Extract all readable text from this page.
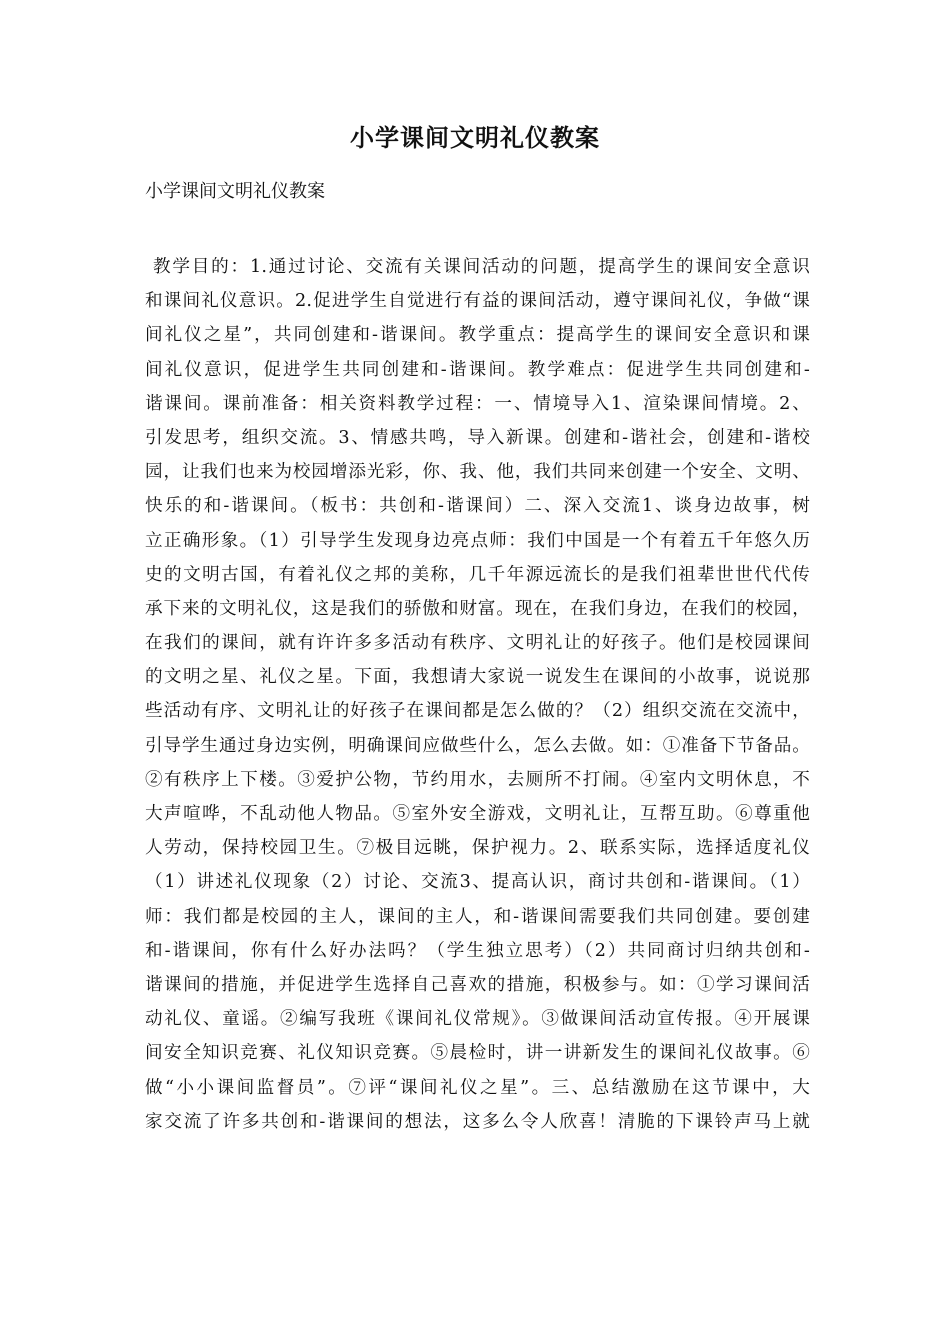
小学课间文明礼仪教案

小学课间文明礼仪教案

教学目的：1.通过讨论、交流有关课间活动的问题，提高学生的课间安全意识
和课间礼仪意识。2.促进学生自觉进行有益的课间活动，遵守课间礼仪，争做“课
间礼仪之星”，共同创建和-谐课间。教学重点：提高学生的课间安全意识和课
间礼仪意识，促进学生共同创建和-谐课间。教学难点：促进学生共同创建和-
谐课间。课前准备：相关资料教学过程：一、情境导入1、渲染课间情境。2、
引发思考，组织交流。3、情感共鸣，导入新课。创建和-谐社会，创建和-谐校
园，让我们也来为校园增添光彩，你、我、他，我们共同来创建一个安全、文明、
快乐的和-谐课间。（板书：共创和-谐课间）二、深入交流1、谈身边故事，树
立正确形象。（1）引导学生发现身边亮点师：我们中国是一个有着五千年悠久历
史的文明古国，有着礼仪之邦的美称，几千年源远流长的是我们祖辈世世代代传
承下来的文明礼仪，这是我们的骄傲和财富。现在，在我们身边，在我们的校园，
在我们的课间，就有许许多多活动有秩序、文明礼让的好孩子。他们是校园课间
的文明之星、礼仪之星。下面，我想请大家说一说发生在课间的小故事，说说那
些活动有序、文明礼让的好孩子在课间都是怎么做的？（2）组织交流在交流中，
引导学生通过身边实例，明确课间应做些什么，怎么去做。如：①准备下节备品。
②有秩序上下楼。③爱护公物，节约用水，去厕所不打闹。④室内文明休息，不
大声喧哗，不乱动他人物品。⑤室外安全游戏，文明礼让，互帮互助。⑥尊重他
人劳动，保持校园卫生。⑦极目远眺，保护视力。2、联系实际，选择适度礼仪
（1）讲述礼仪现象（2）讨论、交流3、提高认识，商讨共创和-谐课间。（1）
师：我们都是校园的主人，课间的主人，和-谐课间需要我们共同创建。要创建
和-谐课间，你有什么好办法吗？（学生独立思考）（2）共同商讨归纳共创和-
谐课间的措施，并促进学生选择自己喜欢的措施，积极参与。如：①学习课间活
动礼仪、童谣。②编写我班《课间礼仪常规》。③做课间活动宣传报。④开展课
间安全知识竞赛、礼仪知识竞赛。⑤晨检时，讲一讲新发生的课间礼仪故事。⑥
做“小小课间监督员”。⑦评“课间礼仪之星”。三、总结激励在这节课中，大
家交流了许多共创和-谐课间的想法，这多么令人欣喜！清脆的下课铃声马上就
